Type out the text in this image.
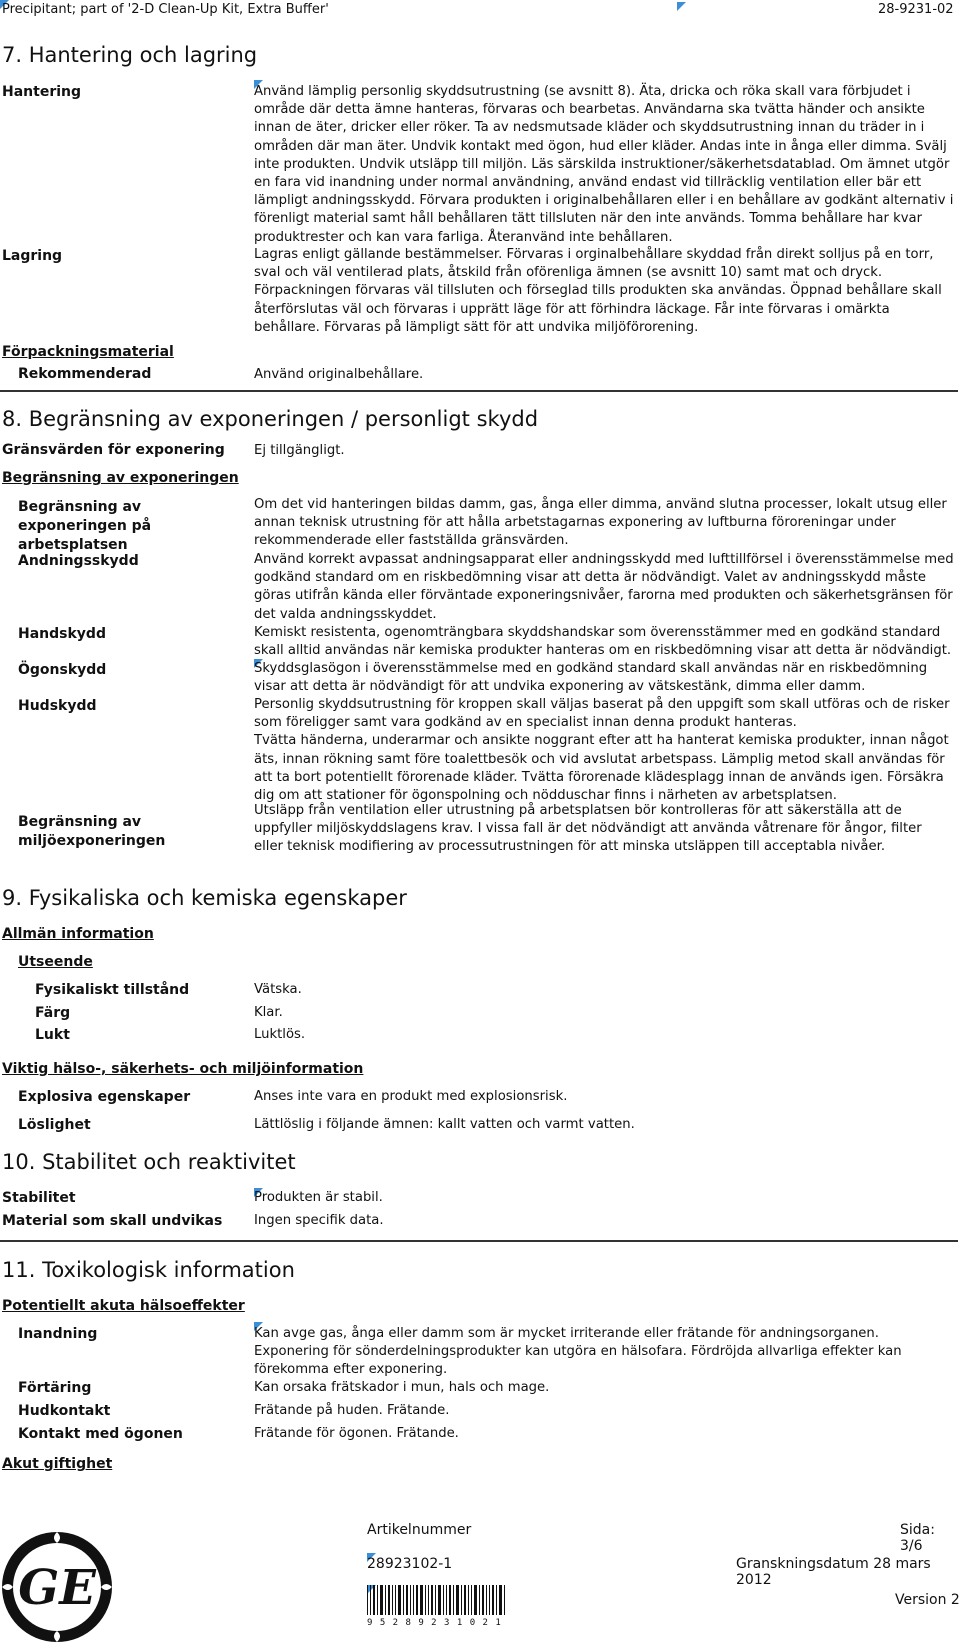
Precipitant; part of '2-D Clean-Up Kit, Extra Buffer'	28-9231-02
7. Hantering och lagring
Hantering	Använd lämplig personlig skyddsutrustning (se avsnitt 8). Äta, dricka och röka skall vara förbjudet i område där detta ämne hanteras, förvaras och bearbetas. Användarna ska tvätta händer och ansikte innan de äter, dricker eller röker. Ta av nedsmutsade kläder och skyddsutrustning innan du träder in i områden där man äter. Undvik kontakt med ögon, hud eller kläder. Andas inte in ånga eller dimma. Svälj inte produkten. Undvik utsläpp till miljön. Läs särskilda instruktioner/säkerhetsdatablad. Om ämnet utgör en fara vid inandning under normal användning, använd endast vid tillräcklig ventilation eller bär ett lämpligt andningsskydd. Förvara produkten i originalbehållaren eller i en behållare av godkänt alternativ i förenligt material samt håll behållaren tätt tillsluten när den inte används. Tomma behållare har kvar produktrester och kan vara farliga. Återanvänd inte behållaren.

Lagring	Lagras enligt gällande bestämmelser. Förvaras i orginalbehållare skyddad från direkt solljus på en torr, sval och väl ventilerad plats, åtskild från oförenliga ämnen (se avsnitt 10) samt mat och dryck. Förpackningen förvaras väl tillsluten och förseglad tills produkten ska användas. Öppnad behållare skall återförslutas väl och förvaras i upprätt läge för att förhindra läckage. Får inte förvaras i omärkta behållare. Förvaras på lämpligt sätt för att undvika miljöförorening.

Förpackningsmaterial
Rekommenderad	Använd originalbehållare.
8. Begränsning av exponeringen / personligt skydd
Gränsvärden för exponering Ej tillgängligt.
Begränsning av exponeringen
Begränsning av exponeringen på arbetsplatsen

Om det vid hanteringen bildas damm, gas, ånga eller dimma, använd slutna processer, lokalt utsug eller annan teknisk utrustning för att hålla arbetstagarnas exponering av luftburna föroreningar under rekommenderade eller fastställda gränsvärden.

Andningsskydd	Använd korrekt avpassat andningsapparat eller andningsskydd med lufttillförsel i överensstämmelse med godkänd standard om en riskbedömning visar att detta är nödvändigt. Valet av andningsskydd måste göras utifrån kända eller förväntade exponeringsnivåer, farorna med produkten och säkerhetsgränsen för det valda andningsskyddet.

Handskydd	Kemiskt resistenta, ogenomträngbara skyddshandskar som överensstämmer med en godkänd standard skall alltid användas när kemiska produkter hanteras om en riskbedömning visar att detta är nödvändigt.

Ögonskydd	Skyddsglasögon i överensstämmelse med en godkänd standard skall användas när en riskbedömning visar att detta är nödvändigt för att undvika exponering av vätskestänk, dimma eller damm.

Hudskydd	Personlig skyddsutrustning för kroppen skall väljas baserat på den uppgift som skall utföras och de risker som föreligger samt vara godkänd av en specialist innan denna produkt hanteras.

Tvätta händerna, underarmar och ansikte noggrant efter att ha hanterat kemiska produkter, innan något äts, innan rökning samt före toalettbesök och vid avslutat arbetspass. Lämplig metod skall användas för att ta bort potentiellt förorenade kläder. Tvätta förorenade klädesplagg innan de används igen. Försäkra dig om att stationer för ögonspolning och nödduschar finns i närheten av arbetsplatsen.

Begränsning av miljöexponeringen

Utsläpp från ventilation eller utrustning på arbetsplatsen bör kontrolleras för att säkerställa att de uppfyller miljöskyddslagens krav. I vissa fall är det nödvändigt att använda våtrenare för ångor, filter eller teknisk modifiering av processutrustningen för att minska utsläppen till acceptabla nivåer.

9. Fysikaliska och kemiska egenskaper
Allmän information
Utseende
Fysikaliskt tillstånd	Vätska.
Färg	Klar.
Lukt	Luktlös.
Viktig hälso-, säkerhets- och miljöinformation
Explosiva egenskaper	Anses inte vara en produkt med explosionsrisk.
Löslighet	Lättlöslig i följande ämnen: kallt vatten och varmt vatten.
10. Stabilitet och reaktivitet
Stabilitet	Produkten är stabil.
Material som skall undvikas Ingen specifik data.
11. Toxikologisk information
Potentiellt akuta hälsoeffekter
Inandning	Kan avge gas, ånga eller damm som är mycket irriterande eller frätande för andningsorganen.

Exponering för sönderdelningsprodukter kan utgöra en hälsofara. Fördröjda allvarliga effekter kan förekomma efter exponering.

Förtäring	Kan orsaka frätskador i mun, hals och mage.
Hudkontakt	Frätande på huden. Frätande.
Kontakt med ögonen	Frätande för ögonen. Frätande.
Akut giftighet
GE
Artikelnummer	Sida: 3/6
28923102-1	Granskningsdatum 28 mars 2012
9 5 2 8 9 2 3 1 0 2 1
Version 2
